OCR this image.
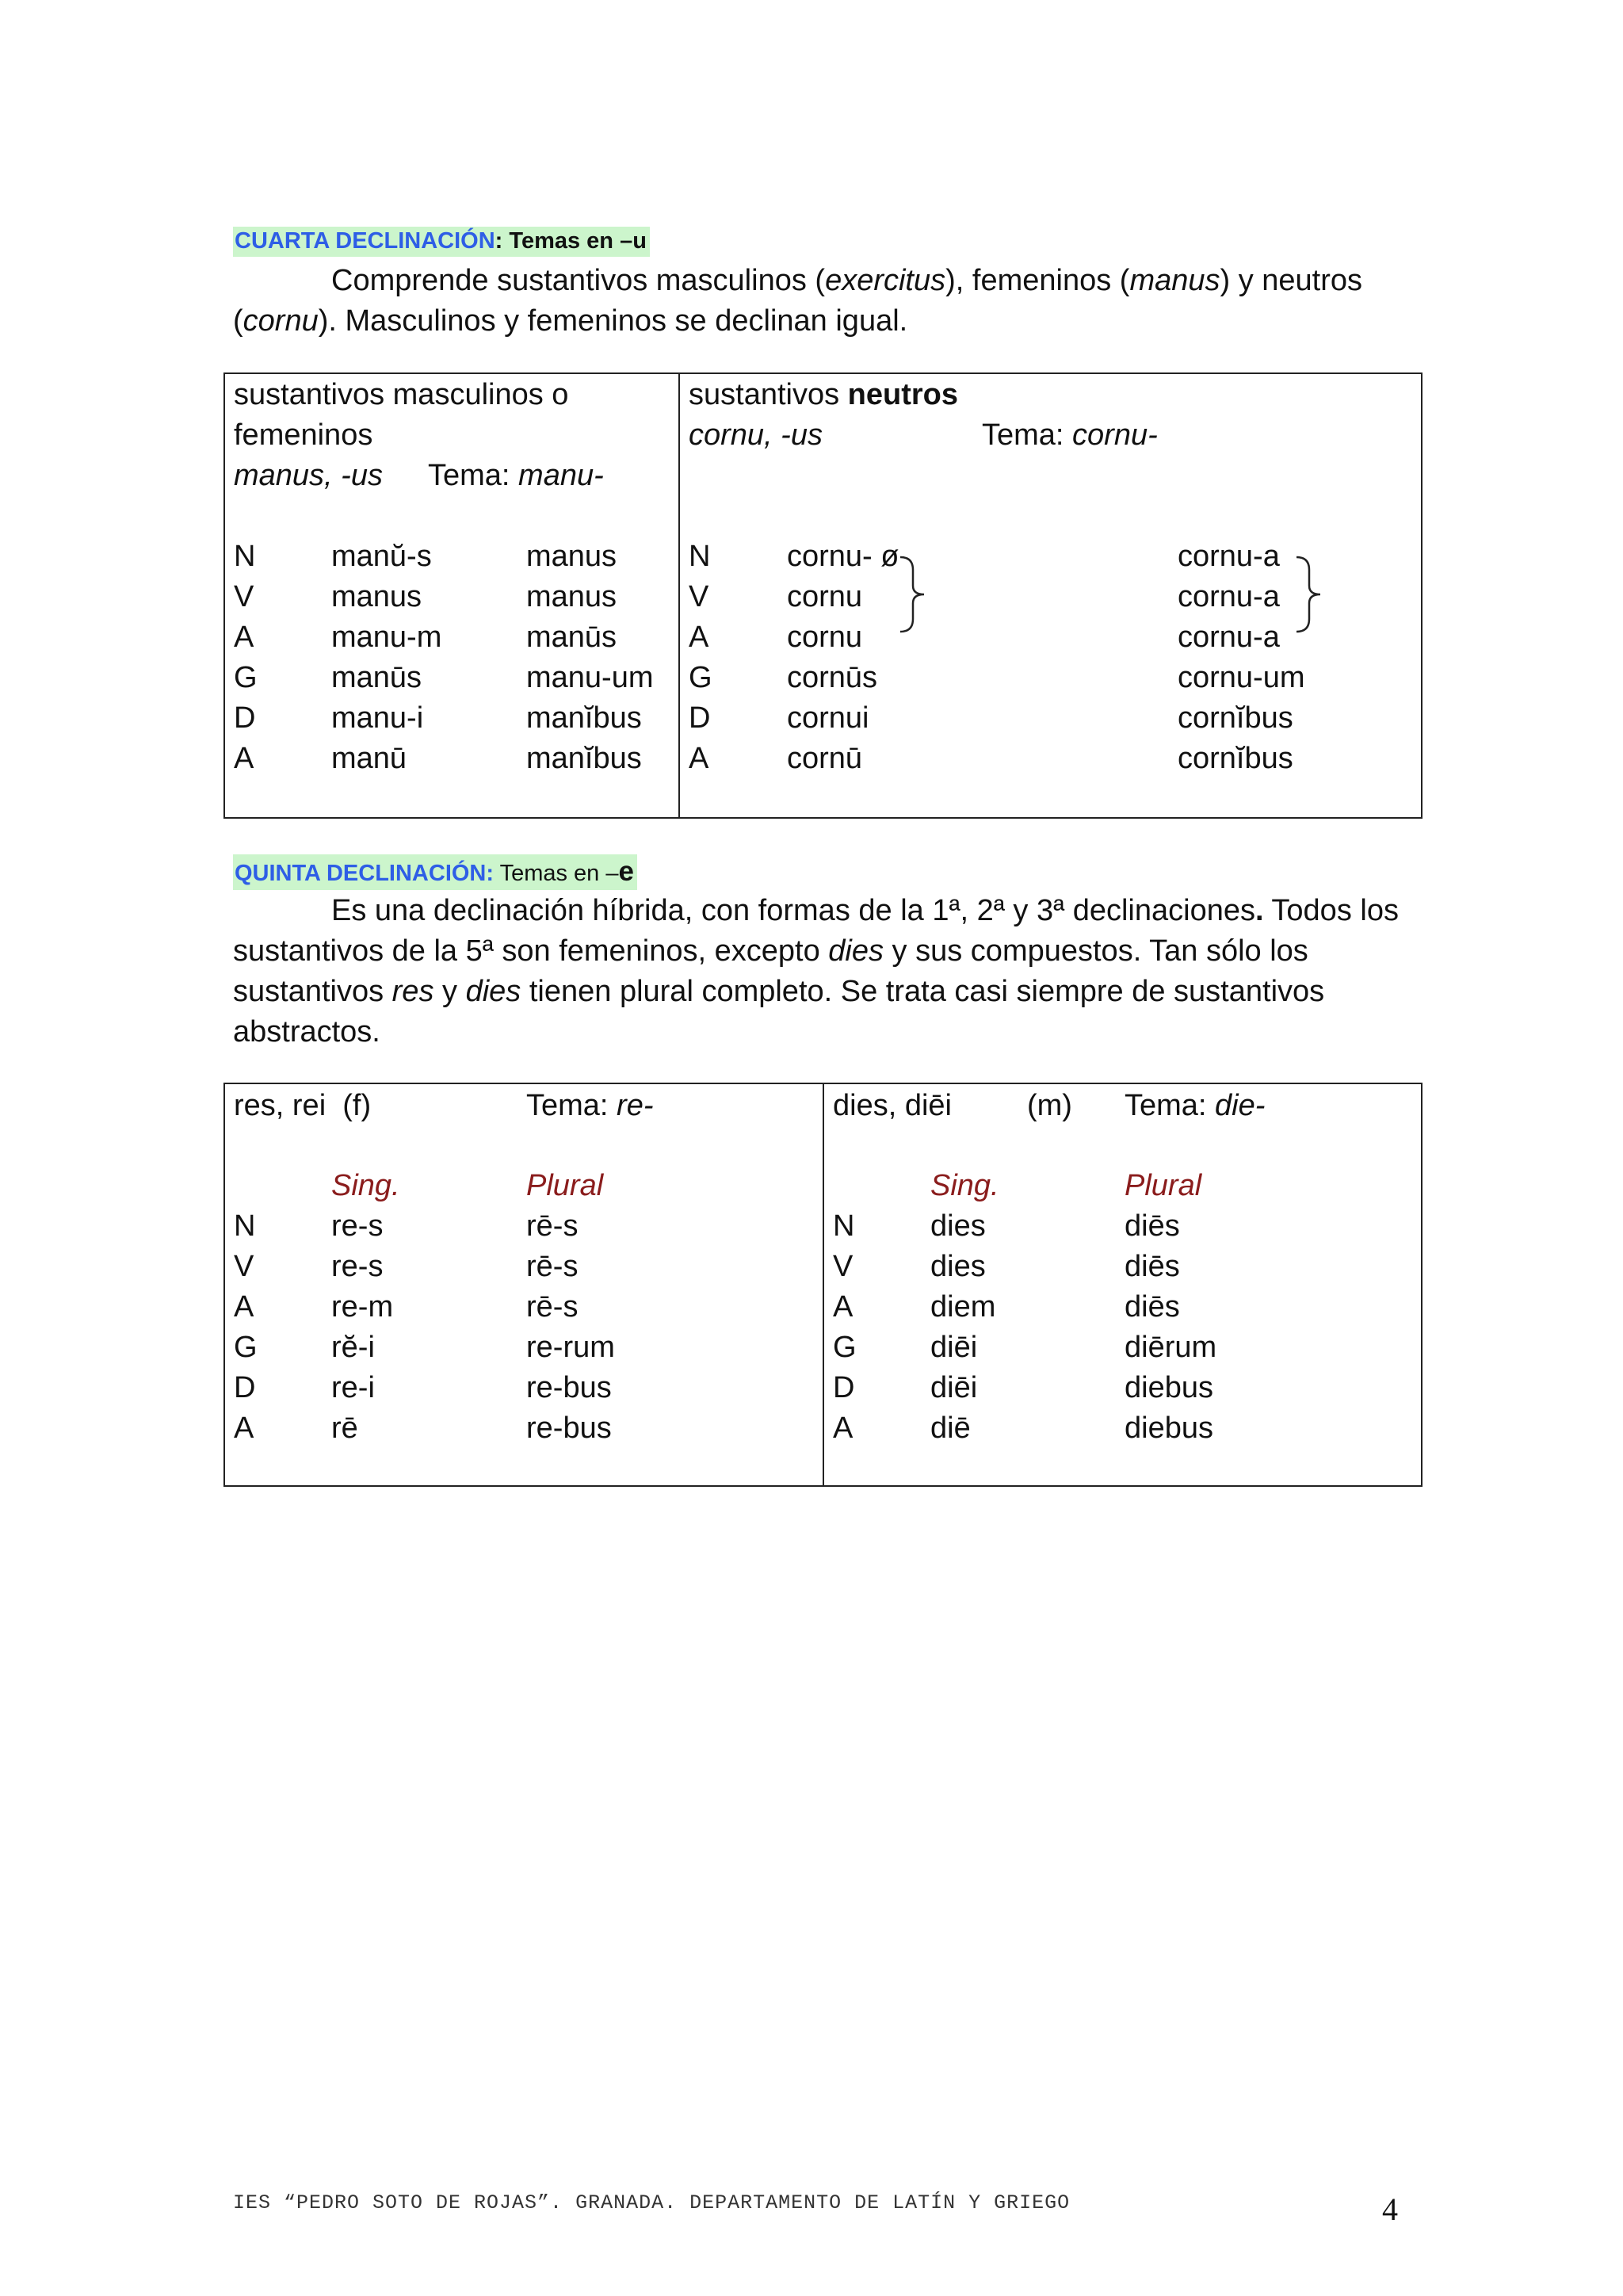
CUARTA DECLINACIÓN: Temas en –u
Comprende sustantivos masculinos (exercitus), femeninos (manus) y neutros
(cornu). Masculinos y femeninos se declinan igual.
sustantivos masculinos o
femeninos
manus, -us Tema: manu-
sustantivos neutros
cornu, -us	Tema: cornu-
N	manŭ-s	manus
V	manus	manus
A	manu-m	manūs
G manūs	manu-um
D	manu-i	manĭbus
A	manū	manĭbus
N	cornu- ø	cornu-a
V	cornu	cornu-a
A	cornu	cornu-a
G cornūs	cornu-um
D	cornui	cornĭbus
A	cornū	cornĭbus
QUINTA DECLINACIÓN: Temas en –e
Es una declinación híbrida, con formas de la 1ª, 2ª y 3ª declinaciones. Todos los
sustantivos de la 5ª son femeninos, excepto dies y sus compuestos. Tan sólo los
sustantivos res y dies tienen plural completo. Se trata casi siempre de sustantivos
abstractos.
res, rei  (f)	Tema: re-	dies, diēi	(m) Tema: die-
Sing.	Plural	Sing.	Plural
N	re-s	rē-s
V	re-s	rē-s
A	re-m	rē-s
G rĕ-i	re-rum
D	re-i	re-bus
A	rē	re-bus
N	dies	diēs
V	dies	diēs
A	diem	diēs
G diēi	diērum
D	diēi	diebus
A	diē	diebus
IES “PEDRO SOTO DE ROJAS”. GRANADA. DEPARTAMENTO DE LATÍN Y GRIEGO	4
